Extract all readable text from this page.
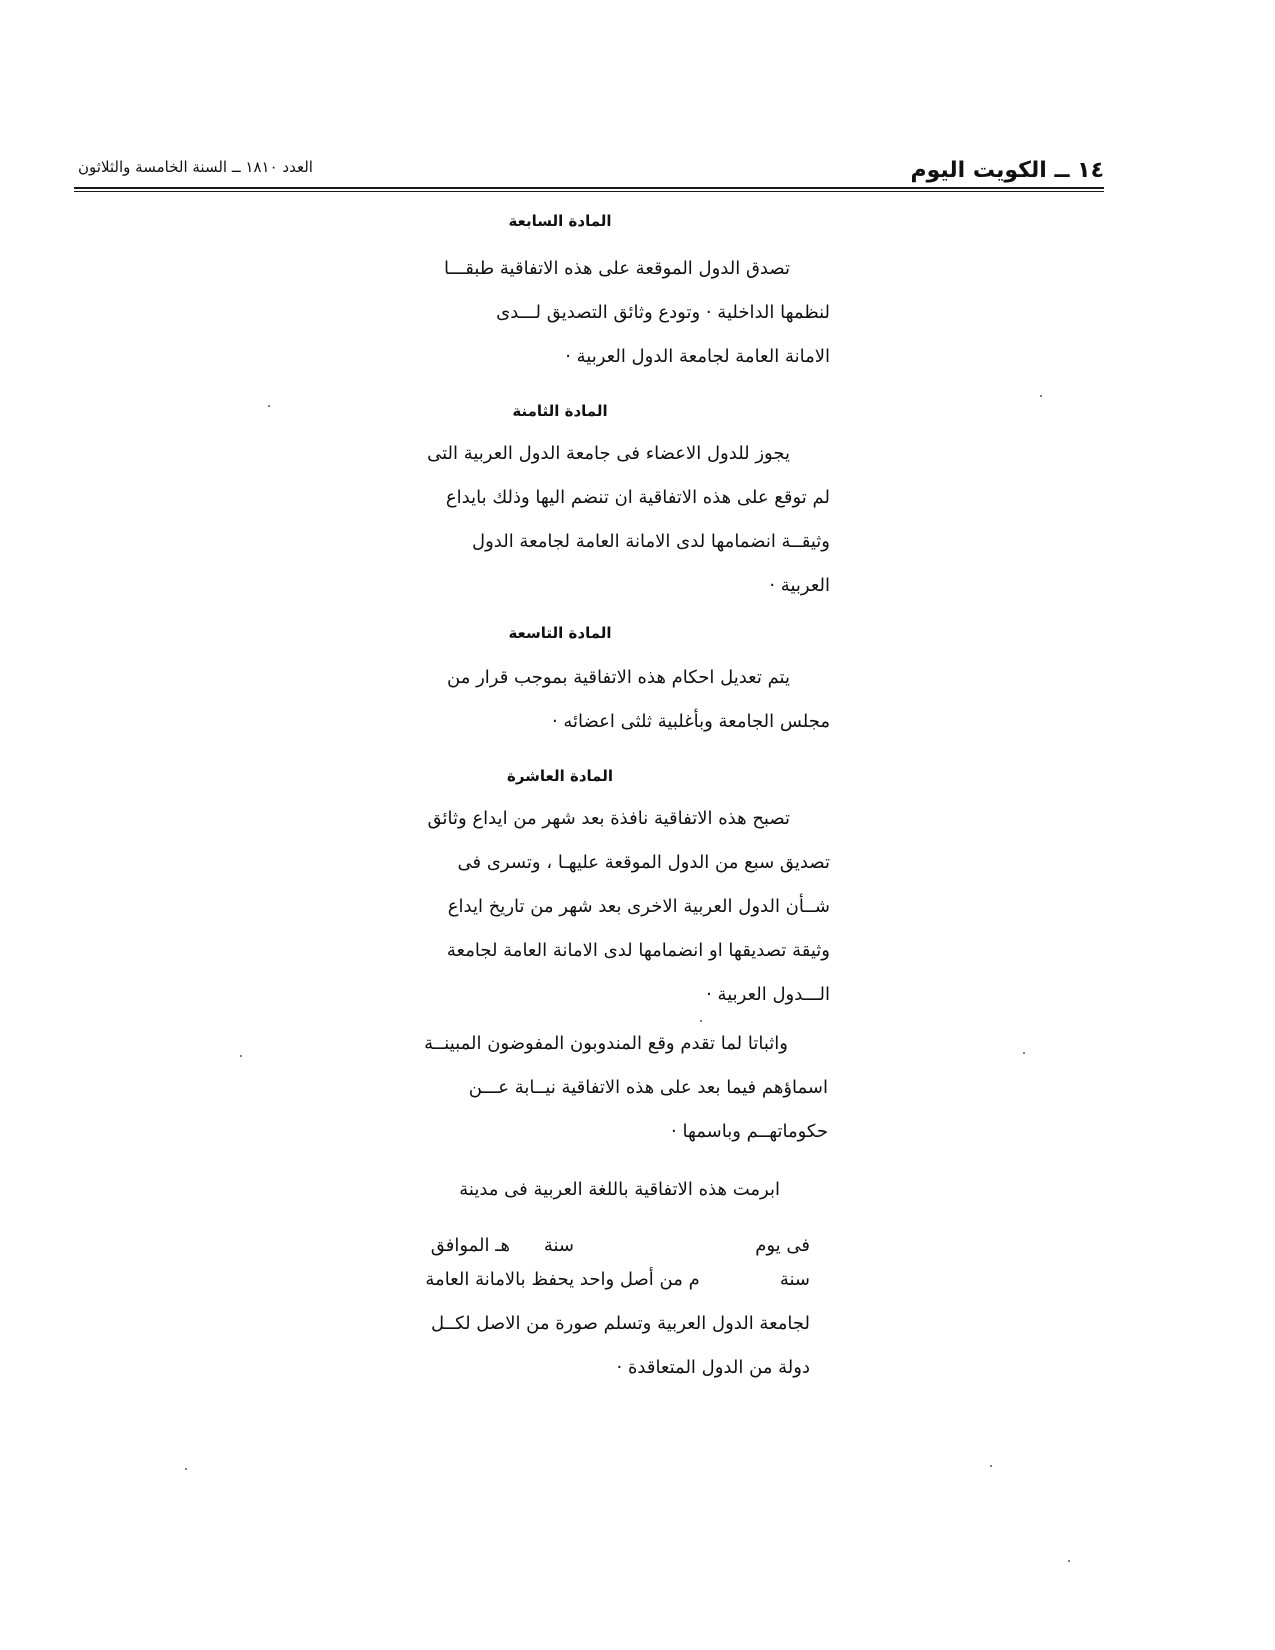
١٤ ــ الكويت اليوم
العدد ١٨١٠ ــ السنة الخامسة والثلاثون
المادة السابعة
تصدق الدول الموقعة على هذه الاتفاقية طبقـــا
لنظمها الداخلية · وتودع وثائق التصديق لـــدى
الامانة العامة لجامعة الدول العربية ·
المادة الثامنة
يجوز للدول الاعضاء فى جامعة الدول العربية التى
لم توقع على هذه الاتفاقية ان تنضم اليها وذلك بايداع
وثيقــة انضمامها لدى الامانة العامة لجامعة الدول
العربية ·
المادة التاسعة
يتم تعديل احكام هذه الاتفاقية بموجب قرار من
مجلس الجامعة وبأغلبية ثلثى اعضائه ·
المادة العاشرة
تصبح هذه الاتفاقية نافذة بعد شهر من ايداع وثائق
تصديق سبع من الدول الموقعة عليهـا ، وتسرى فى
شــأن الدول العربية الاخرى بعد شهر من تاريخ ايداع
وثيقة تصديقها او انضمامها لدى الامانة العامة لجامعة
الـــدول العربية ·
واثباتا لما تقدم وقع المندوبون المفوضون المبينــة
اسماؤهم فيما بعد على هذه الاتفاقية نيــابة عـــن
حكوماتهــم وباسمها ·
ابرمت هذه الاتفاقية باللغة العربية فى مدينة
فى يوم
سنة
هـ الموافق
سنة              م من أصل واحد يحفظ بالامانة العامة
لجامعة الدول العربية وتسلم صورة من الاصل لكــل
دولة من الدول المتعاقدة ·
